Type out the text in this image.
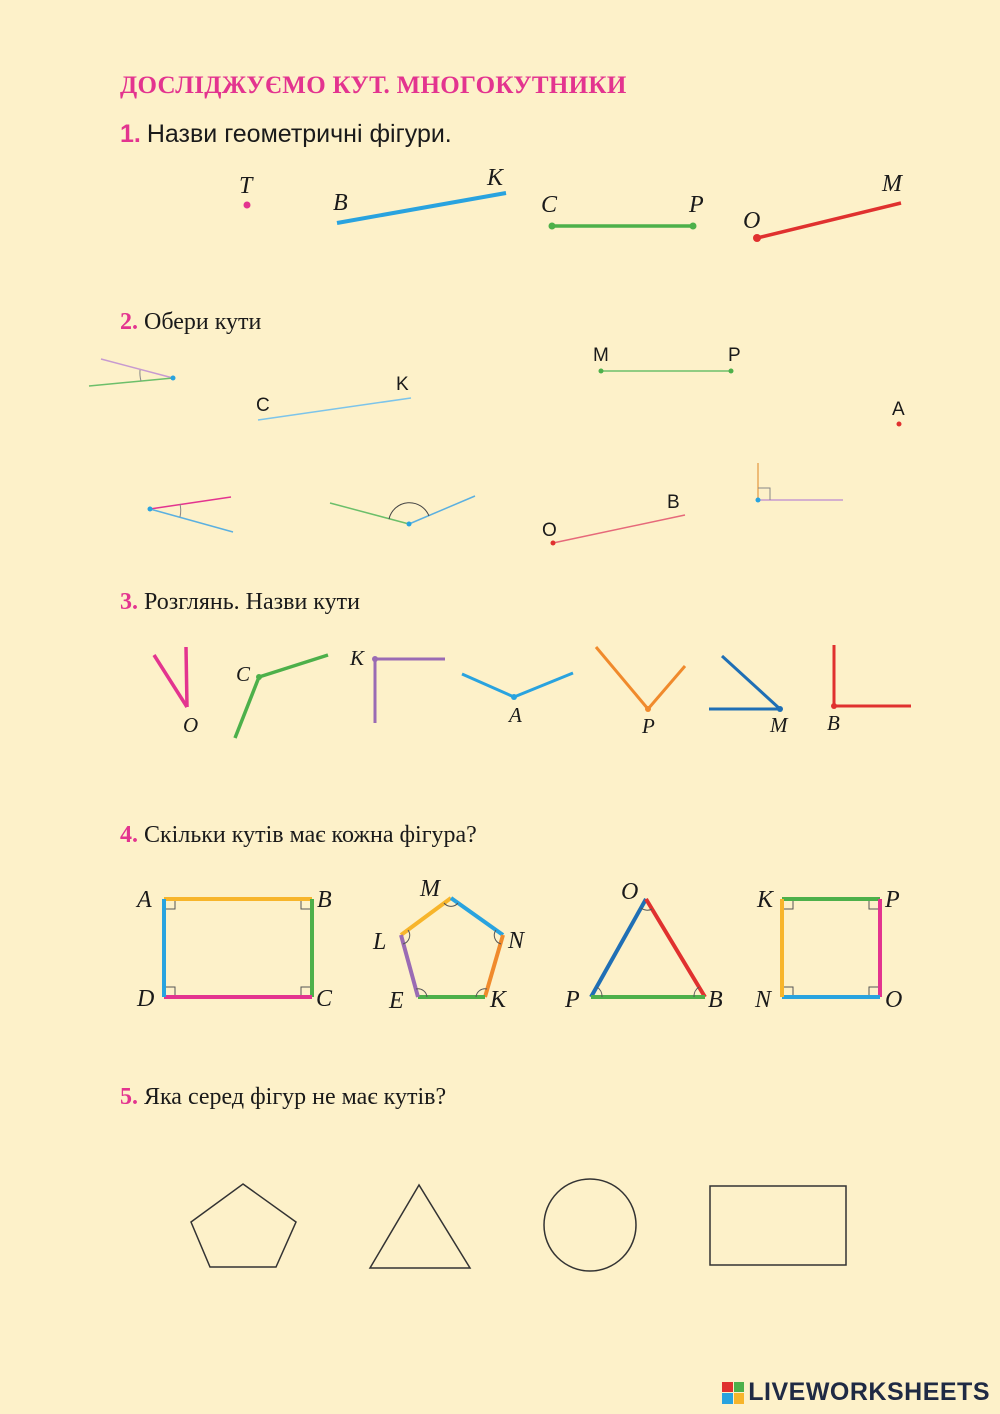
ДОСЛІДЖУЄМО КУТ. МНОГОКУТНИКИ
1. Назви геометричні фігури.
2. Обери кути
3. Розглянь. Назви кути
4. Скільки кутів має кожна фігура?
5. Яка серед фігур не має кутів?
T
B
K
C	P
O
M
C
K
M	P
A
O
B
O
C
K
A	P	M B
A	B
C
D
M
N
K
E
L
O
P	B
K	P
O
N
LIVEWORKSHEETS
